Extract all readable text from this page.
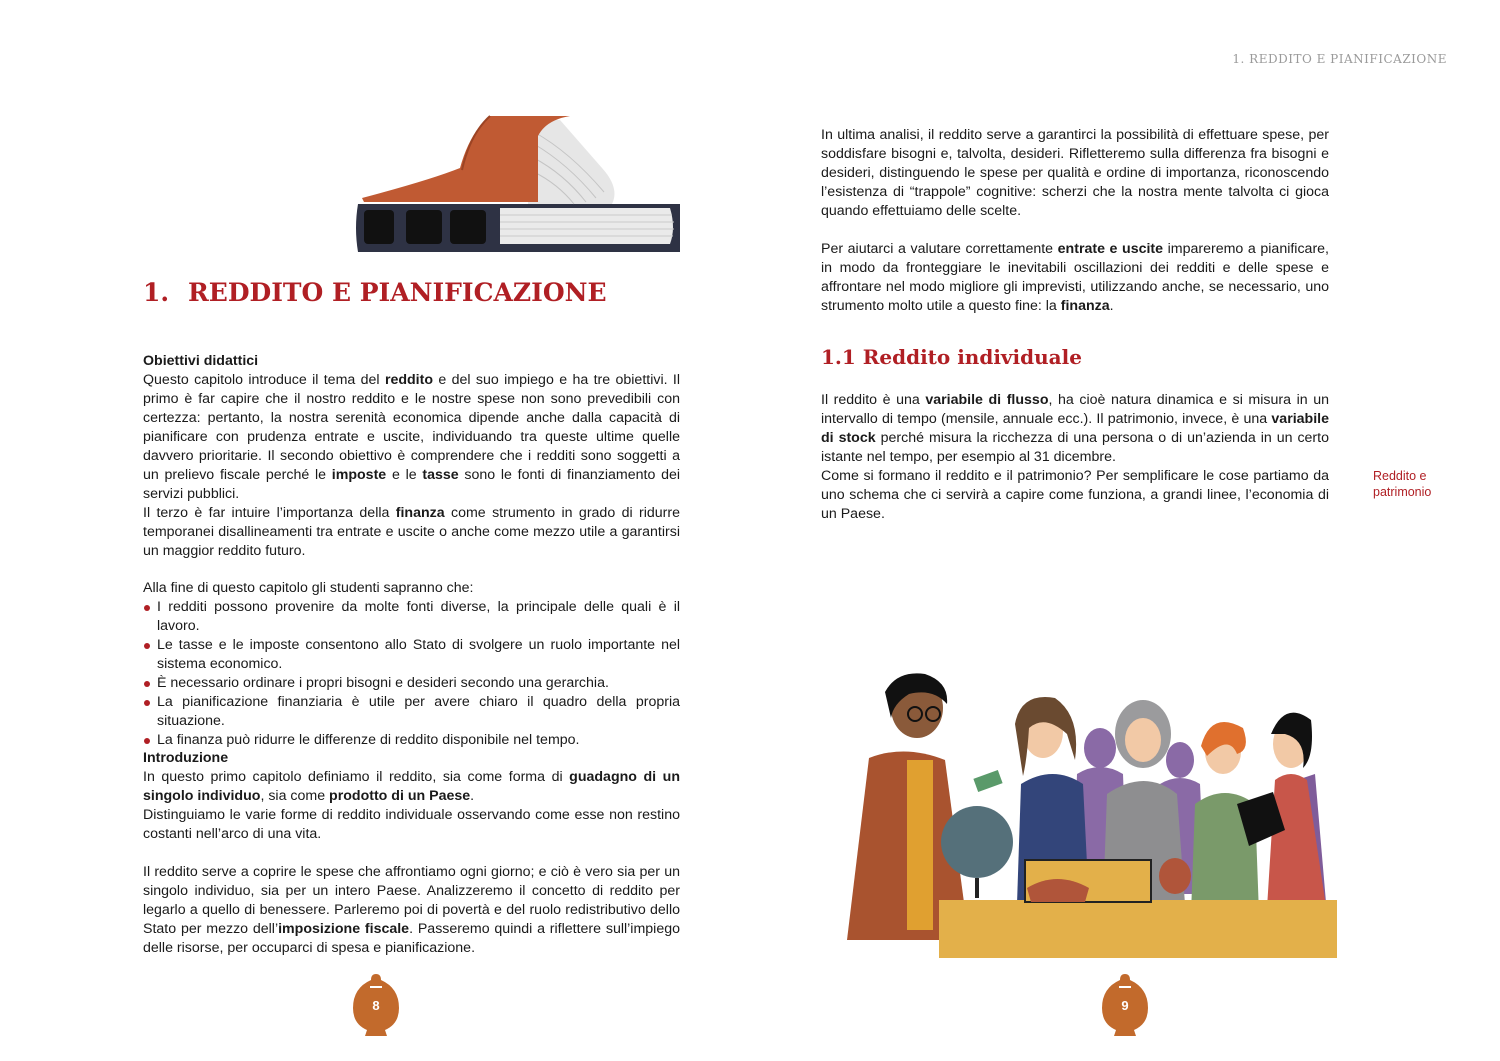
1. REDDITO E PIANIFICAZIONE

Obiettivi didattici

Questo capitolo introduce il tema del reddito e del suo impiego e ha tre obiettivi. Il primo è far capire che il nostro reddito e le nostre spese non sono prevedibili con certezza: pertanto, la nostra serenità economica dipende anche dalla capacità di pianificare con prudenza entrate e uscite, individuando tra queste ultime quelle davvero prioritarie. Il secondo obiettivo è comprendere che i redditi sono soggetti a un prelievo fiscale perché le imposte e le tasse sono le fonti di finanziamento dei servizi pubblici.

Il terzo è far intuire l’importanza della finanza come strumento in grado di ridurre temporanei disallineamenti tra entrate e uscite o anche come mezzo utile a garantirsi un maggior reddito futuro.

Alla fine di questo capitolo gli studenti sapranno che:

I redditi possono provenire da molte fonti diverse, la principale delle quali è il lavoro.
Le tasse e le imposte consentono allo Stato di svolgere un ruolo importante nel sistema economico.
È necessario ordinare i propri bisogni e desideri secondo una gerarchia.
La pianificazione finanziaria è utile per avere chiaro il quadro della propria situazione.
La finanza può ridurre le differenze di reddito disponibile nel tempo.

Introduzione

In questo primo capitolo definiamo il reddito, sia come forma di guadagno di un singolo individuo, sia come prodotto di un Paese.

Distinguiamo le varie forme di reddito individuale osservando come esse non restino costanti nell’arco di una vita.

Il reddito serve a coprire le spese che affrontiamo ogni giorno; e ciò è vero sia per un singolo individuo, sia per un intero Paese. Analizzeremo il concetto di reddito per legarlo a quello di benessere. Parleremo poi di povertà e del ruolo redistributivo dello Stato per mezzo dell’imposizione fiscale. Passeremo quindi a riflettere sull’impiego delle risorse, per occuparci di spesa e pianificazione.

8
1. REDDITO E PIANIFICAZIONE

In ultima analisi, il reddito serve a garantirci la possibilità di effettuare spese, per soddisfare bisogni e, talvolta, desideri. Rifletteremo sulla differenza fra bisogni e desideri, distinguendo le spese per qualità e ordine di importanza, riconoscendo l’esistenza di “trappole” cognitive: scherzi che la nostra mente talvolta ci gioca quando effettuiamo delle scelte.

Per aiutarci a valutare correttamente entrate e uscite impareremo a pianificare, in modo da fronteggiare le inevitabili oscillazioni dei redditi e delle spese e affrontare nel modo migliore gli imprevisti, utilizzando anche, se necessario, uno strumento molto utile a questo fine: la finanza.

1.1 Reddito individuale

Il reddito è una variabile di flusso, ha cioè natura dinamica e si misura in un intervallo di tempo (mensile, annuale ecc.). Il patrimonio, invece, è una variabile di stock perché misura la ricchezza di una persona o di un’azienda in un certo istante nel tempo, per esempio al 31 dicembre.

Come si formano il reddito e il patrimonio? Per semplificare le cose partiamo da uno schema che ci servirà a capire come funziona, a grandi linee, l’economia di un Paese.

Reddito e patrimonio
9
